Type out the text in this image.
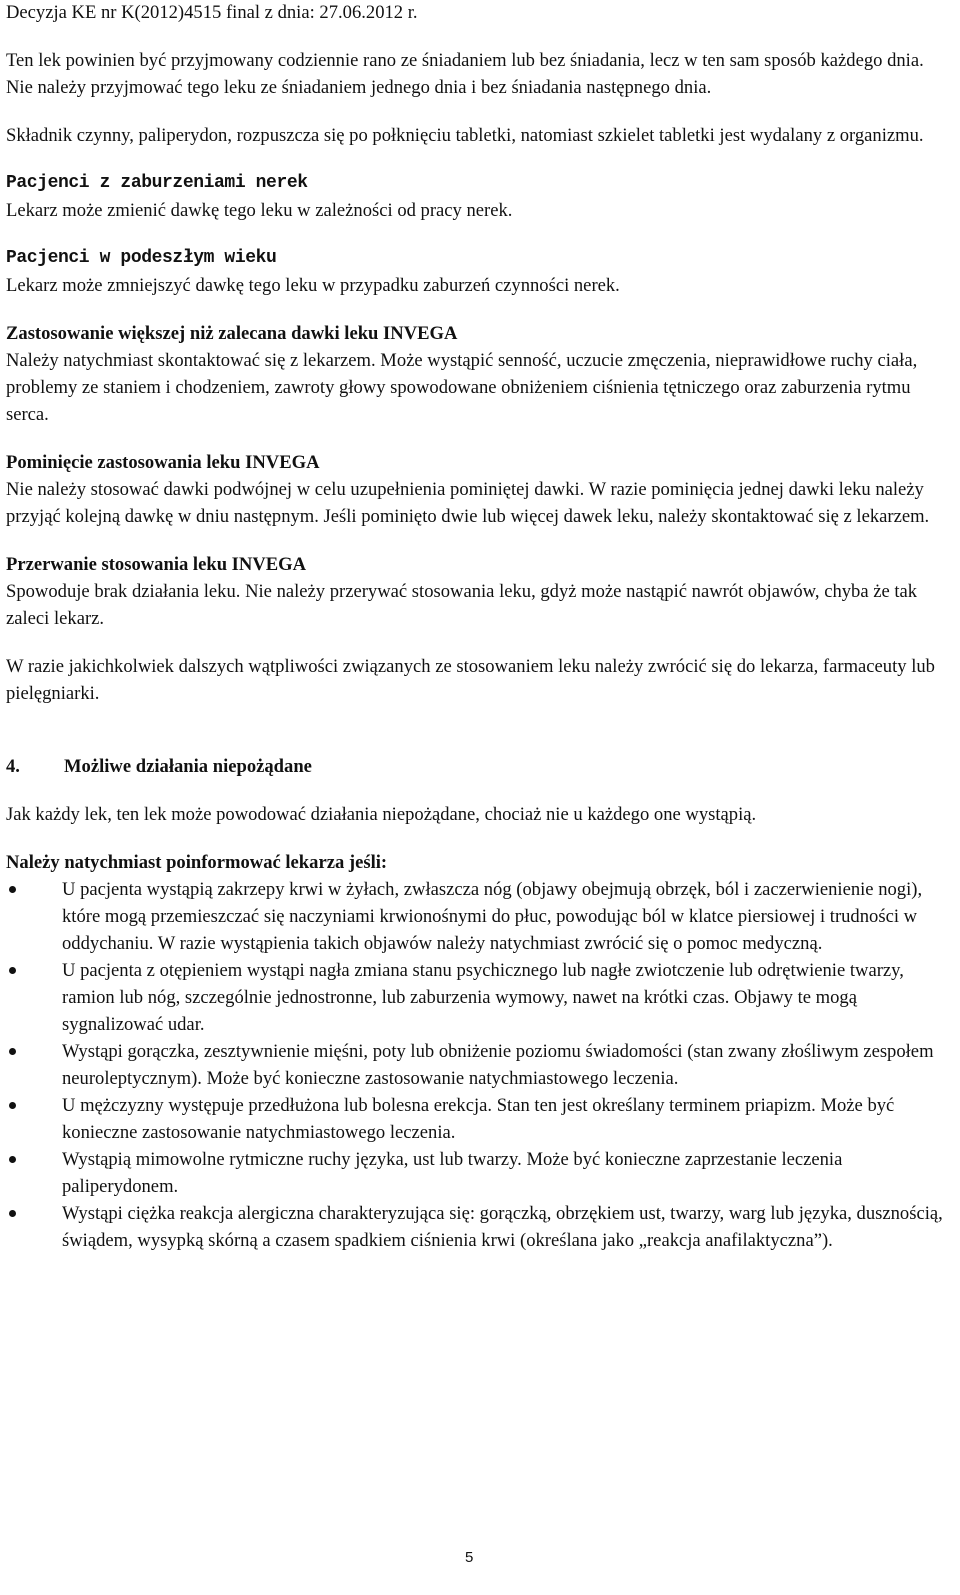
Decyzja KE nr K(2012)4515 final z dnia: 27.06.2012 r.

Ten lek powinien być przyjmowany codziennie rano ze śniadaniem lub bez śniadania, lecz w ten sam sposób każdego dnia. Nie należy przyjmować tego leku ze śniadaniem jednego dnia i bez śniadania następnego dnia.

Składnik czynny, paliperydon, rozpuszcza się po połknięciu tabletki, natomiast szkielet tabletki jest wydalany z organizmu.

Pacjenci z zaburzeniami nerek

Lekarz może zmienić dawkę tego leku w zależności od pracy nerek.

Pacjenci w podeszłym wieku

Lekarz może zmniejszyć dawkę tego leku w przypadku zaburzeń czynności nerek.

Zastosowanie większej niż zalecana dawki leku INVEGA

Należy natychmiast skontaktować się z lekarzem. Może wystąpić senność, uczucie zmęczenia, nieprawidłowe ruchy ciała, problemy ze staniem i chodzeniem, zawroty głowy spowodowane obniżeniem ciśnienia tętniczego oraz zaburzenia rytmu serca.

Pominięcie zastosowania leku INVEGA

Nie należy stosować dawki podwójnej w celu uzupełnienia pominiętej dawki. W razie pominięcia jednej dawki leku należy przyjąć kolejną dawkę w dniu następnym. Jeśli pominięto dwie lub więcej dawek leku, należy skontaktować się z lekarzem.

Przerwanie stosowania leku INVEGA

Spowoduje brak działania leku. Nie należy przerywać stosowania leku, gdyż może nastąpić nawrót objawów, chyba że tak zaleci lekarz.

W razie jakichkolwiek dalszych wątpliwości związanych ze stosowaniem leku należy zwrócić się do lekarza, farmaceuty lub pielęgniarki.

4.	Możliwe działania niepożądane

Jak każdy lek, ten lek może powodować działania niepożądane, chociaż nie u każdego one wystąpią.

Należy natychmiast poinformować lekarza jeśli:

U pacjenta wystąpią zakrzepy krwi w żyłach, zwłaszcza nóg (objawy obejmują obrzęk, ból i zaczerwienienie nogi), które mogą przemieszczać się naczyniami krwionośnymi do płuc, powodując ból w klatce piersiowej i trudności w oddychaniu. W razie wystąpienia takich objawów należy natychmiast zwrócić się o pomoc medyczną.
U pacjenta z otępieniem wystąpi nagła zmiana stanu psychicznego lub nagłe zwiotczenie lub odrętwienie twarzy, ramion lub nóg, szczególnie jednostronne, lub zaburzenia wymowy, nawet na krótki czas. Objawy te mogą sygnalizować udar.
Wystąpi gorączka, zesztywnienie mięśni, poty lub obniżenie poziomu świadomości (stan zwany złośliwym zespołem neuroleptycznym). Może być konieczne zastosowanie natychmiastowego leczenia.
U mężczyzny występuje przedłużona lub bolesna erekcja. Stan ten jest określany terminem priapizm. Może być konieczne zastosowanie natychmiastowego leczenia.
Wystąpią mimowolne rytmiczne ruchy języka, ust lub twarzy. Może być konieczne zaprzestanie leczenia paliperydonem.
Wystąpi ciężka reakcja alergiczna charakteryzująca się: gorączką, obrzękiem ust, twarzy, warg lub języka, dusznością, świądem, wysypką skórną a czasem spadkiem ciśnienia krwi (określana jako „reakcja anafilaktyczna”).
5
